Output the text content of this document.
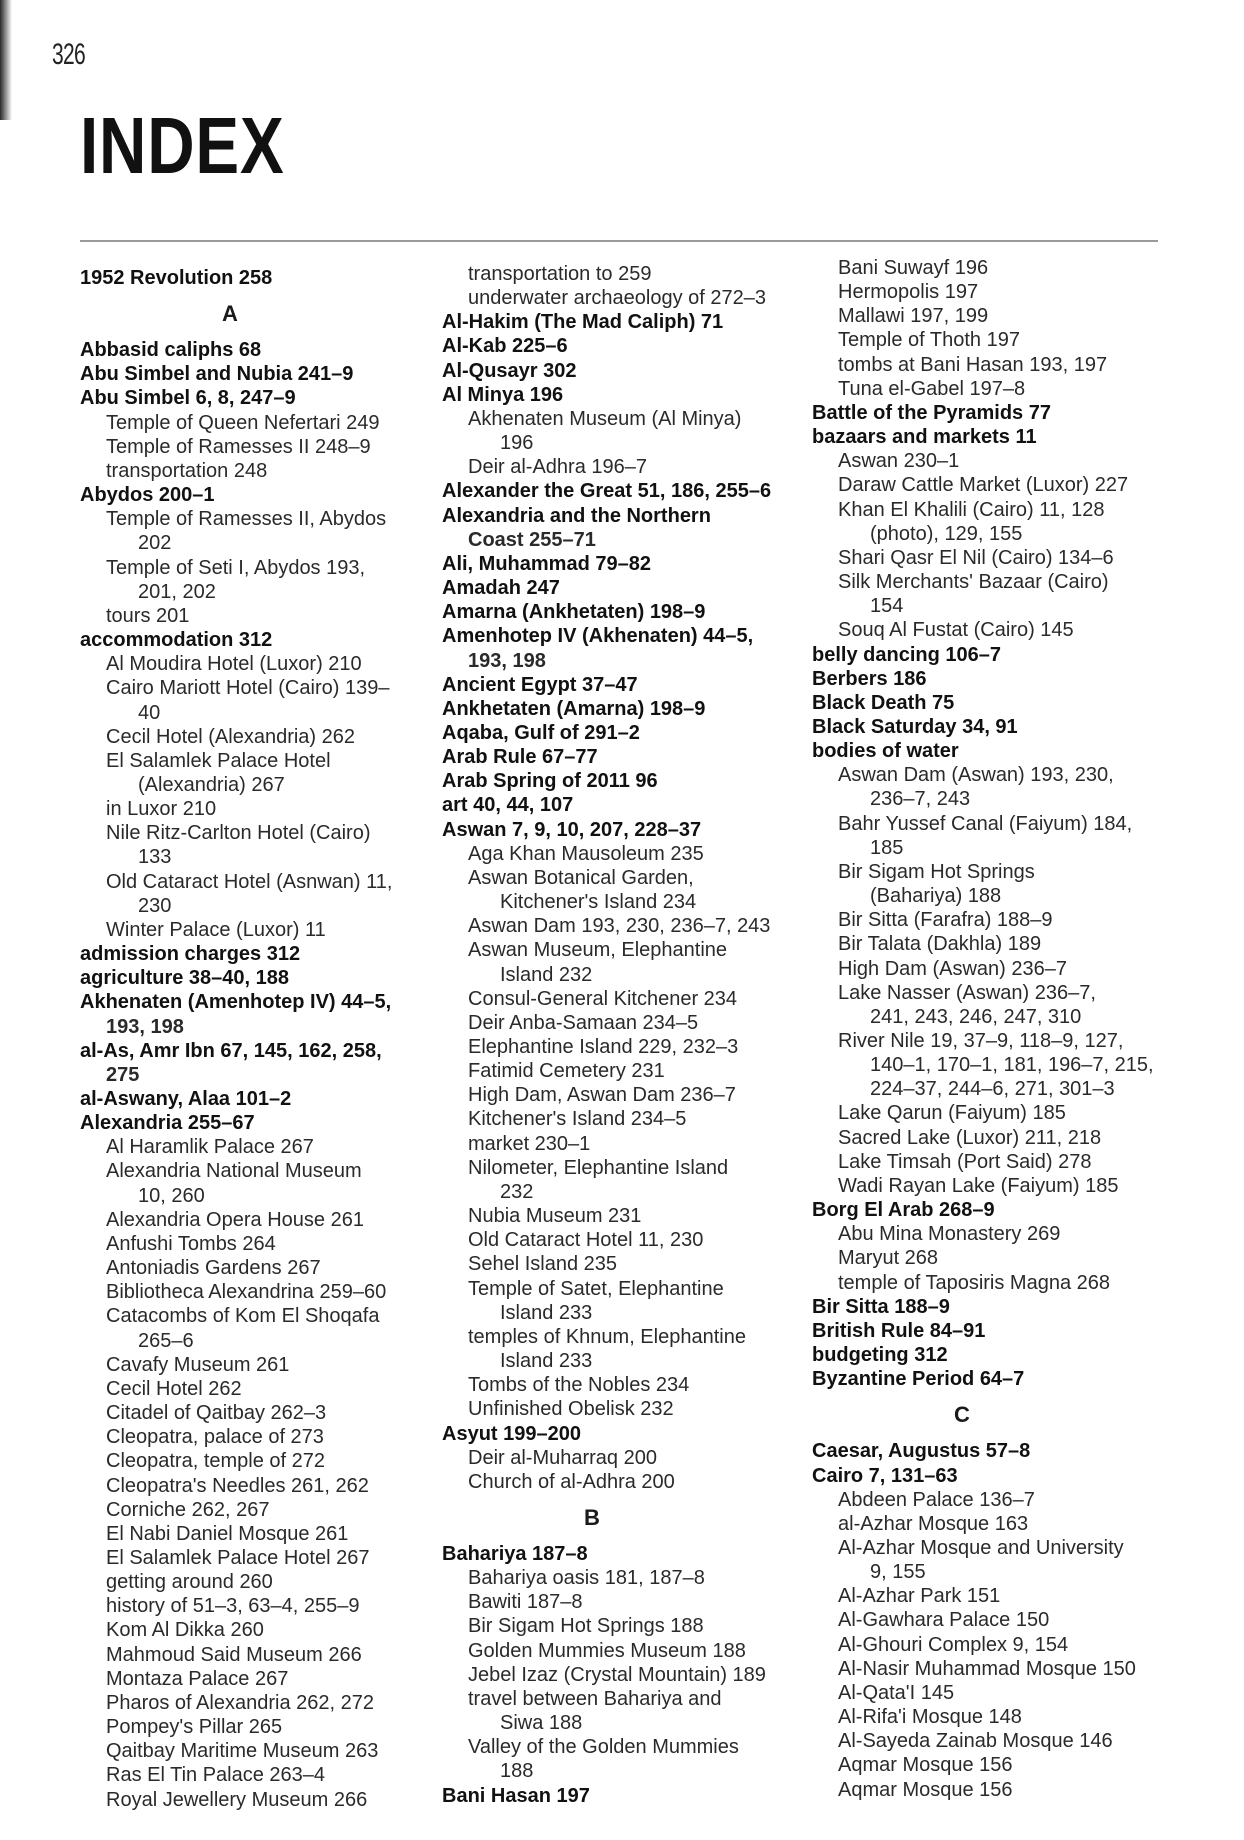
326
INDEX
1952 Revolution 258
A
Abbasid caliphs 68
Abu Simbel and Nubia 241–9
Abu Simbel 6, 8, 247–9
Temple of Queen Nefertari 249
Temple of Ramesses II 248–9
transportation 248
Abydos 200–1
Temple of Ramesses II, Abydos
202
Temple of Seti I, Abydos 193,
201, 202
tours 201
accommodation 312
Al Moudira Hotel (Luxor) 210
Cairo Mariott Hotel (Cairo) 139–
40
Cecil Hotel (Alexandria) 262
El Salamlek Palace Hotel
(Alexandria) 267
in Luxor 210
Nile Ritz-Carlton Hotel (Cairo)
133
Old Cataract Hotel (Asnwan) 11,
230
Winter Palace (Luxor) 11
admission charges 312
agriculture 38–40, 188
Akhenaten (Amenhotep IV) 44–5,
193, 198
al-As, Amr Ibn 67, 145, 162, 258,
275
al-Aswany, Alaa 101–2
Alexandria 255–67
Al Haramlik Palace 267
Alexandria National Museum
10, 260
Alexandria Opera House 261
Anfushi Tombs 264
Antoniadis Gardens 267
Bibliotheca Alexandrina 259–60
Catacombs of Kom El Shoqafa
265–6
Cavafy Museum 261
Cecil Hotel 262
Citadel of Qaitbay 262–3
Cleopatra, palace of 273
Cleopatra, temple of 272
Cleopatra's Needles 261, 262
Corniche 262, 267
El Nabi Daniel Mosque 261
El Salamlek Palace Hotel 267
getting around 260
history of 51–3, 63–4, 255–9
Kom Al Dikka 260
Mahmoud Said Museum 266
Montaza Palace 267
Pharos of Alexandria 262, 272
Pompey's Pillar 265
Qaitbay Maritime Museum 263
Ras El Tin Palace 263–4
Royal Jewellery Museum 266
transportation to 259
underwater archaeology of 272–3
Al-Hakim (The Mad Caliph) 71
Al-Kab 225–6
Al-Qusayr 302
Al Minya 196
Akhenaten Museum (Al Minya)
196
Deir al-Adhra 196–7
Alexander the Great 51, 186, 255–6
Alexandria and the Northern
Coast 255–71
Ali, Muhammad 79–82
Amadah 247
Amarna (Ankhetaten) 198–9
Amenhotep IV (Akhenaten) 44–5,
193, 198
Ancient Egypt 37–47
Ankhetaten (Amarna) 198–9
Aqaba, Gulf of 291–2
Arab Rule 67–77
Arab Spring of 2011 96
art 40, 44, 107
Aswan 7, 9, 10, 207, 228–37
Aga Khan Mausoleum 235
Aswan Botanical Garden,
Kitchener's Island 234
Aswan Dam 193, 230, 236–7, 243
Aswan Museum, Elephantine
Island 232
Consul-General Kitchener 234
Deir Anba-Samaan 234–5
Elephantine Island 229, 232–3
Fatimid Cemetery 231
High Dam, Aswan Dam 236–7
Kitchener's Island 234–5
market 230–1
Nilometer, Elephantine Island
232
Nubia Museum 231
Old Cataract Hotel 11, 230
Sehel Island 235
Temple of Satet, Elephantine
Island 233
temples of Khnum, Elephantine
Island 233
Tombs of the Nobles 234
Unfinished Obelisk 232
Asyut 199–200
Deir al-Muharraq 200
Church of al-Adhra 200
B
Bahariya 187–8
Bahariya oasis 181, 187–8
Bawiti 187–8
Bir Sigam Hot Springs 188
Golden Mummies Museum 188
Jebel Izaz (Crystal Mountain) 189
travel between Bahariya and
Siwa 188
Valley of the Golden Mummies
188
Bani Hasan 197
Bani Suwayf 196
Hermopolis 197
Mallawi 197, 199
Temple of Thoth 197
tombs at Bani Hasan 193, 197
Tuna el-Gabel 197–8
Battle of the Pyramids 77
bazaars and markets 11
Aswan 230–1
Daraw Cattle Market (Luxor) 227
Khan El Khalili (Cairo) 11, 128
(photo), 129, 155
Shari Qasr El Nil (Cairo) 134–6
Silk Merchants' Bazaar (Cairo)
154
Souq Al Fustat (Cairo) 145
belly dancing 106–7
Berbers 186
Black Death 75
Black Saturday 34, 91
bodies of water
Aswan Dam (Aswan) 193, 230,
236–7, 243
Bahr Yussef Canal (Faiyum) 184,
185
Bir Sigam Hot Springs
(Bahariya) 188
Bir Sitta (Farafra) 188–9
Bir Talata (Dakhla) 189
High Dam (Aswan) 236–7
Lake Nasser (Aswan) 236–7,
241, 243, 246, 247, 310
River Nile 19, 37–9, 118–9, 127,
140–1, 170–1, 181, 196–7, 215,
224–37, 244–6, 271, 301–3
Lake Qarun (Faiyum) 185
Sacred Lake (Luxor) 211, 218
Lake Timsah (Port Said) 278
Wadi Rayan Lake (Faiyum) 185
Borg El Arab 268–9
Abu Mina Monastery 269
Maryut 268
temple of Taposiris Magna 268
Bir Sitta 188–9
British Rule 84–91
budgeting 312
Byzantine Period 64–7
C
Caesar, Augustus 57–8
Cairo 7, 131–63
Abdeen Palace 136–7
al-Azhar Mosque 163
Al-Azhar Mosque and University
9, 155
Al-Azhar Park 151
Al-Gawhara Palace 150
Al-Ghouri Complex 9, 154
Al-Nasir Muhammad Mosque 150
Al-Qata'I 145
Al-Rifa'i Mosque 148
Al-Sayeda Zainab Mosque 146
Aqmar Mosque 156
Aqmar Mosque 156
